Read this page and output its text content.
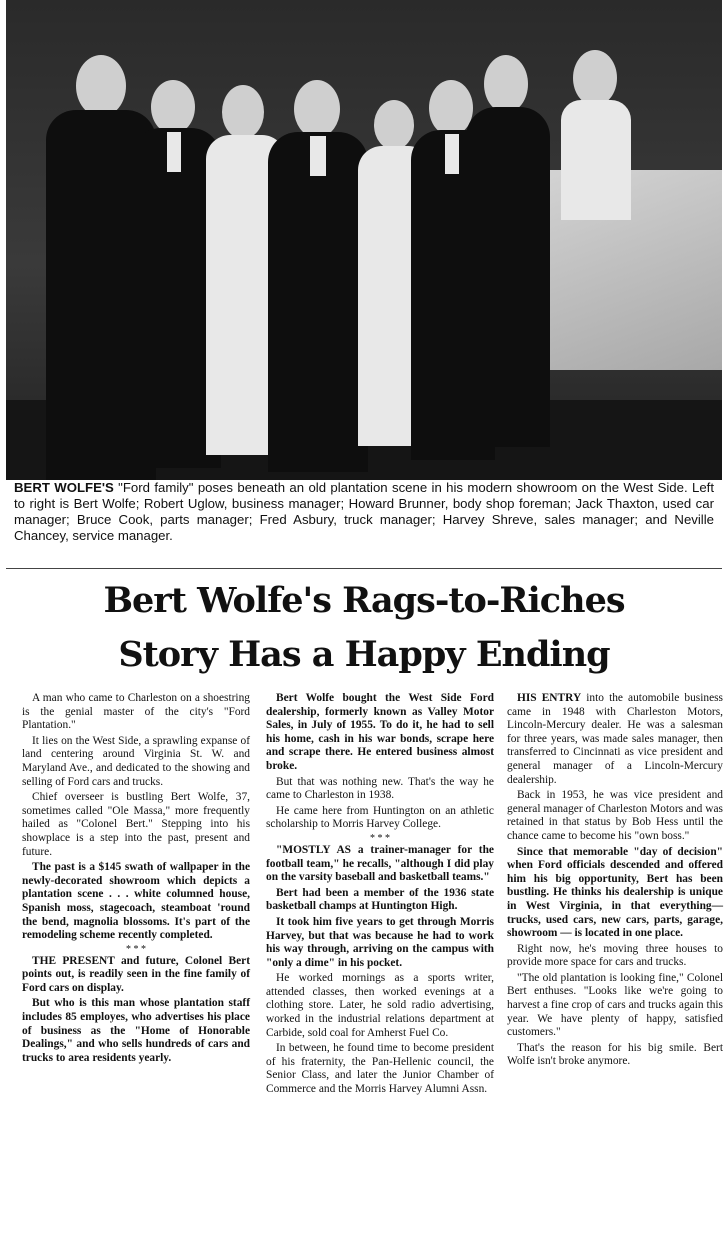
BERT WOLFE'S "Ford family" poses beneath an old plantation scene in his modern showroom on the West Side. Left to right is Bert Wolfe; Robert Uglow, business manager; Howard Brunner, body shop foreman; Jack Thaxton, used car manager; Bruce Cook, parts manager; Fred Asbury, truck manager; Harvey Shreve, sales manager; and Neville Chancey, service manager.

Bert Wolfe's Rags-to-Riches
Story Has a Happy Ending

A man who came to Charleston on a shoestring is the genial master of the city's "Ford Plantation."

It lies on the West Side, a sprawling expanse of land centering around Virginia St. W. and Maryland Ave., and dedicated to the showing and selling of Ford cars and trucks.

Chief overseer is bustling Bert Wolfe, 37, sometimes called "Ole Massa," more frequently hailed as "Colonel Bert." Stepping into his showplace is a step into the past, present and future.

The past is a $145 swath of wallpaper in the newly-decorated showroom which depicts a plantation scene . . . white columned house, Spanish moss, stagecoach, steamboat 'round the bend, magnolia blossoms. It's part of the remodeling scheme recently completed.

* * *

THE PRESENT and future, Colonel Bert points out, is readily seen in the fine family of Ford cars on display.

But who is this man whose plantation staff includes 85 employes, who advertises his place of business as the "Home of Honorable Dealings," and who sells hundreds of cars and trucks to area residents yearly.

Bert Wolfe bought the West Side Ford dealership, formerly known as Valley Motor Sales, in July of 1955. To do it, he had to sell his home, cash in his war bonds, scrape here and scrape there. He entered business almost broke.

But that was nothing new. That's the way he came to Charleston in 1938.

He came here from Huntington on an athletic scholarship to Morris Harvey College.

* * *

"MOSTLY AS a trainer-manager for the football team," he recalls, "although I did play on the varsity baseball and basketball teams."

Bert had been a member of the 1936 state basketball champs at Huntington High.

It took him five years to get through Morris Harvey, but that was because he had to work his way through, arriving on the campus with "only a dime" in his pocket.

He worked mornings as a sports writer, attended classes, then worked evenings at a clothing store. Later, he sold radio advertising, worked in the industrial relations department at Carbide, sold coal for Amherst Fuel Co.

In between, he found time to become president of his fraternity, the Pan-Hellenic council, the Senior Class, and later the Junior Chamber of Commerce and the Morris Harvey Alumni Assn.

HIS ENTRY into the automobile business came in 1948 with Charleston Motors, Lincoln-Mercury dealer. He was a salesman for three years, was made sales manager, then transferred to Cincinnati as vice president and general manager of a Lincoln-Mercury dealership.

Back in 1953, he was vice president and general manager of Charleston Motors and was retained in that status by Bob Hess until the chance came to become his "own boss."

Since that memorable "day of decision" when Ford officials descended and offered him his big opportunity, Bert has been bustling. He thinks his dealership is unique in West Virginia, in that everything—trucks, used cars, new cars, parts, garage, showroom — is located in one place.

Right now, he's moving three houses to provide more space for cars and trucks.

"The old plantation is looking fine," Colonel Bert enthuses. "Looks like we're going to harvest a fine crop of cars and trucks again this year. We have plenty of happy, satisfied customers."

That's the reason for his big smile. Bert Wolfe isn't broke anymore.
